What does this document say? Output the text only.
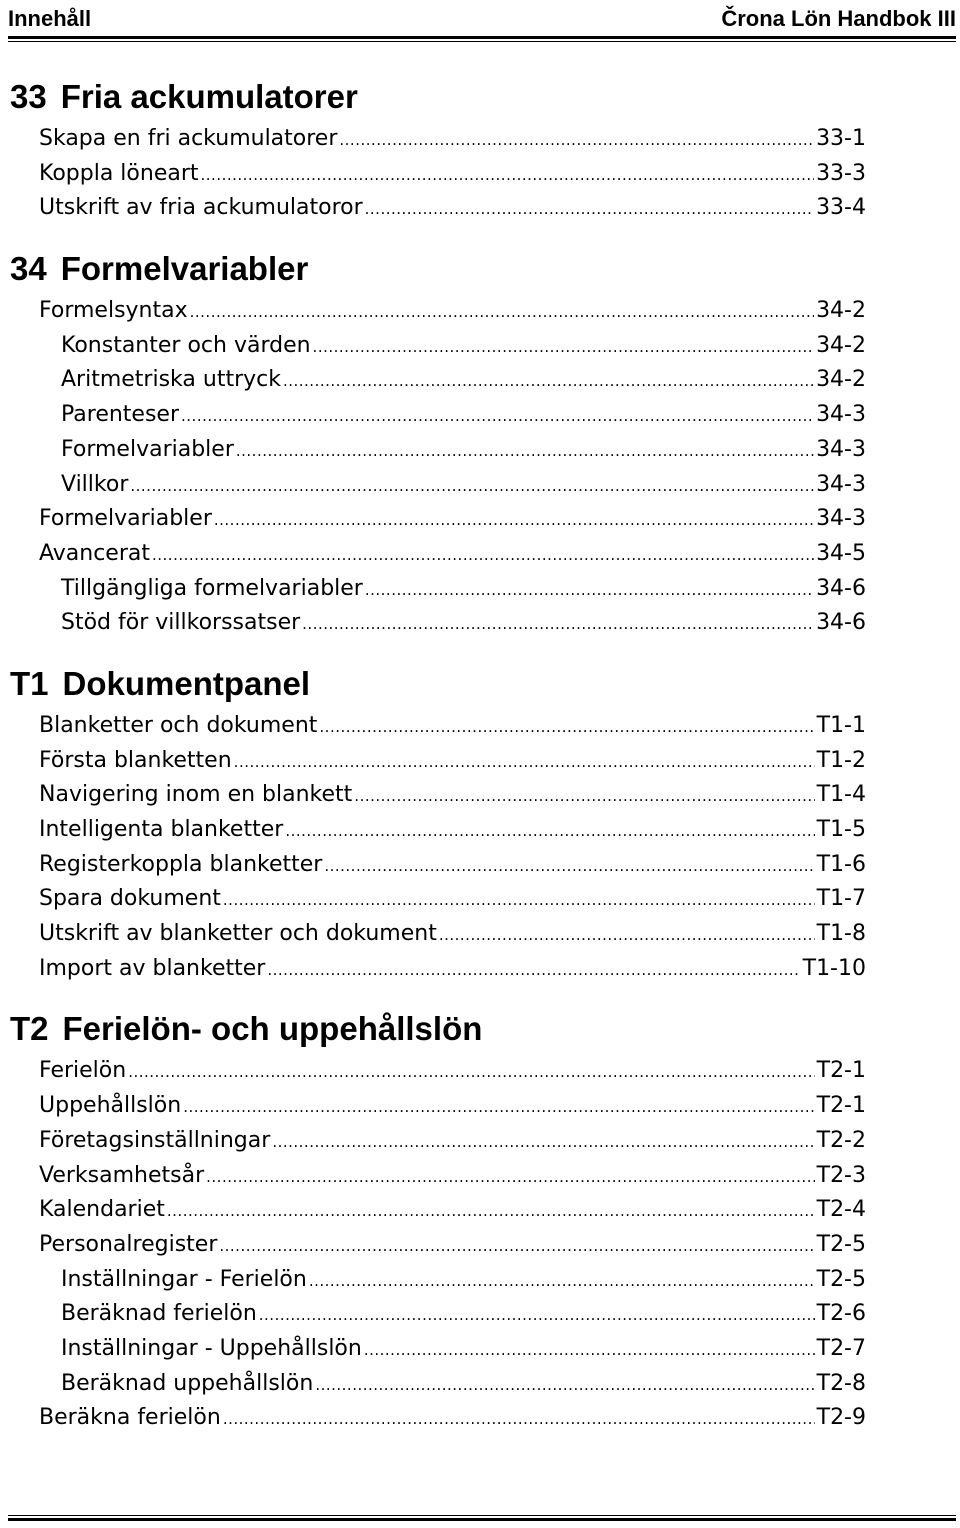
Innehåll	Črona Lön Handbok III
33 Fria ackumulatorer
Skapa en fri ackumulatorer .....	33-1
Koppla löneart .....	33-3
Utskrift av fria ackumulatoror .....	33-4
34 Formelvariabler
Formelsyntax .....	34-2
Konstanter och värden .....	34-2
Aritmetriska uttryck .....	34-2
Parenteser .....	34-3
Formelvariabler .....	34-3
Villkor .....	34-3
Formelvariabler .....	34-3
Avancerat .....	34-5
Tillgängliga formelvariabler .....	34-6
Stöd för villkorssatser .....	34-6
T1 Dokumentpanel
Blanketter och dokument .....	T1-1
Första blanketten .....	T1-2
Navigering inom en blankett .....	T1-4
Intelligenta blanketter .....	T1-5
Registerkoppla blanketter .....	T1-6
Spara dokument .....	T1-7
Utskrift av blanketter och dokument .....	T1-8
Import av blanketter .....	T1-10
T2 Ferielön- och uppehållslön
Ferielön .....	T2-1
Uppehållslön .....	T2-1
Företagsinställningar .....	T2-2
Verksamhetsår .....	T2-3
Kalendariet .....	T2-4
Personalregister .....	T2-5
Inställningar - Ferielön .....	T2-5
Beräknad ferielön .....	T2-6
Inställningar - Uppehållslön .....	T2-7
Beräknad uppehållslön .....	T2-8
Beräkna ferielön .....	T2-9
